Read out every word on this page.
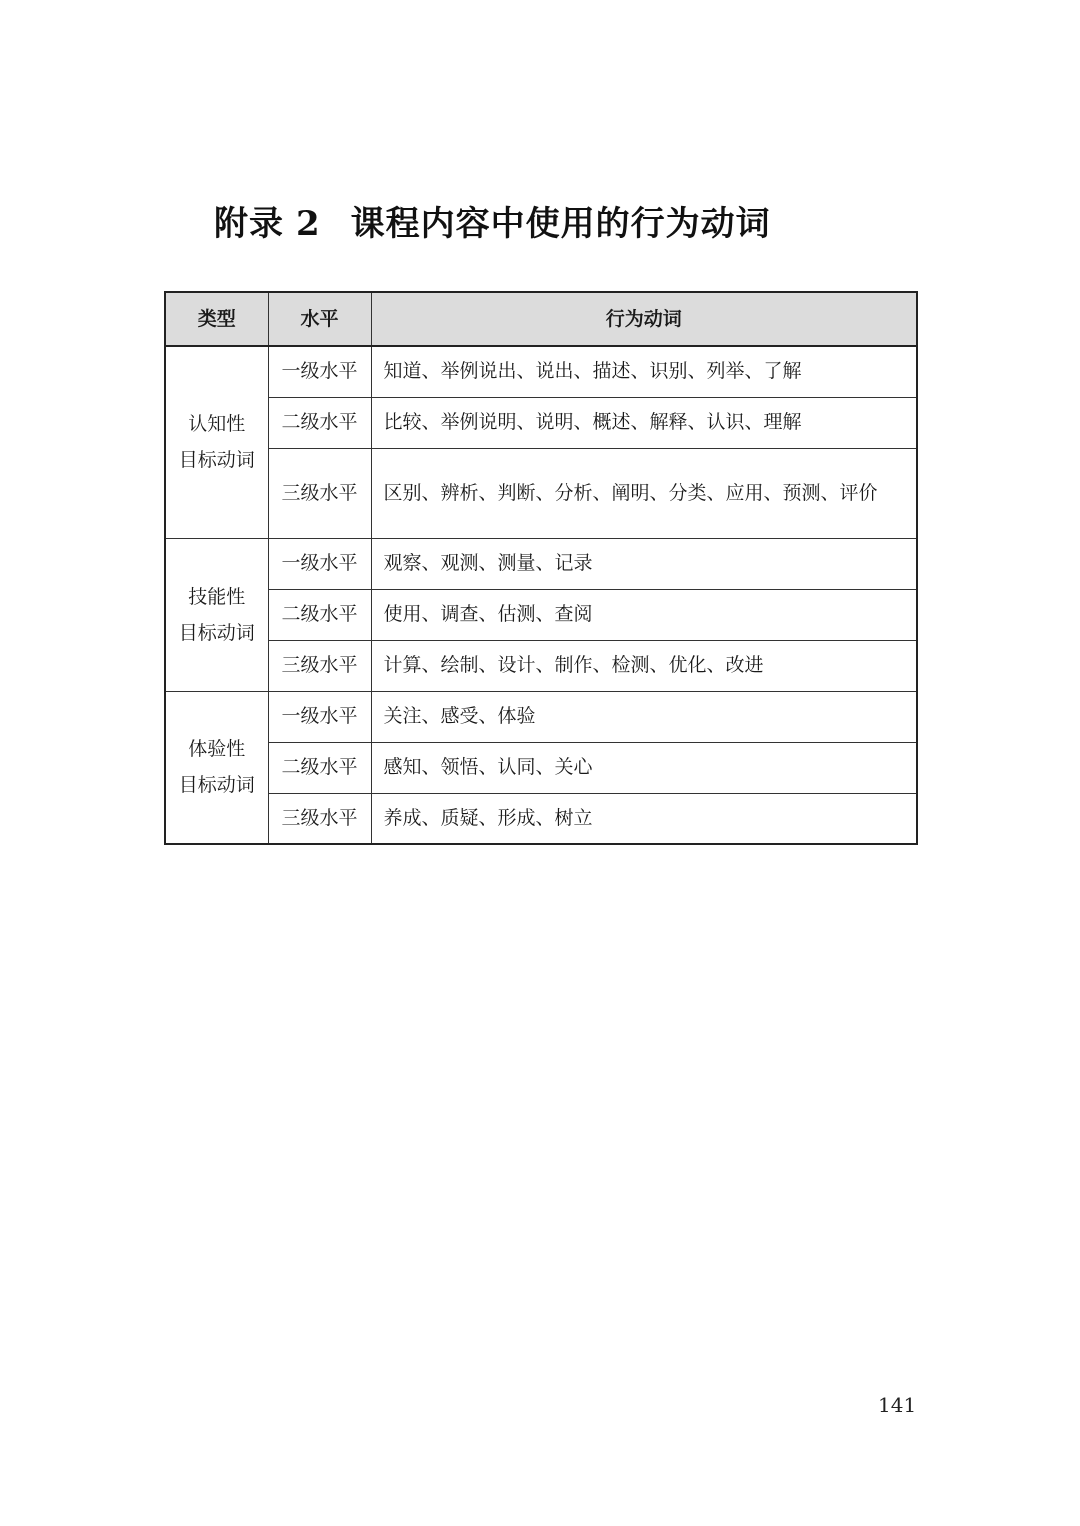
附录 2 课程内容中使用的行为动词
类型	水平	行为动词

认知性
目标动词	一级水平	知道、举例说出、说出、描述、识别、列举、了解
	二级水平	比较、举例说明、说明、概述、解释、认识、理解
	三级水平	区别、辨析、判断、分析、阐明、分类、应用、预测、评价

技能性
目标动词	一级水平	观察、观测、测量、记录
	二级水平	使用、调查、估测、查阅
	三级水平	计算、绘制、设计、制作、检测、优化、改进

体验性
目标动词	一级水平	关注、感受、体验
	二级水平	感知、领悟、认同、关心
	三级水平	养成、质疑、形成、树立
141
